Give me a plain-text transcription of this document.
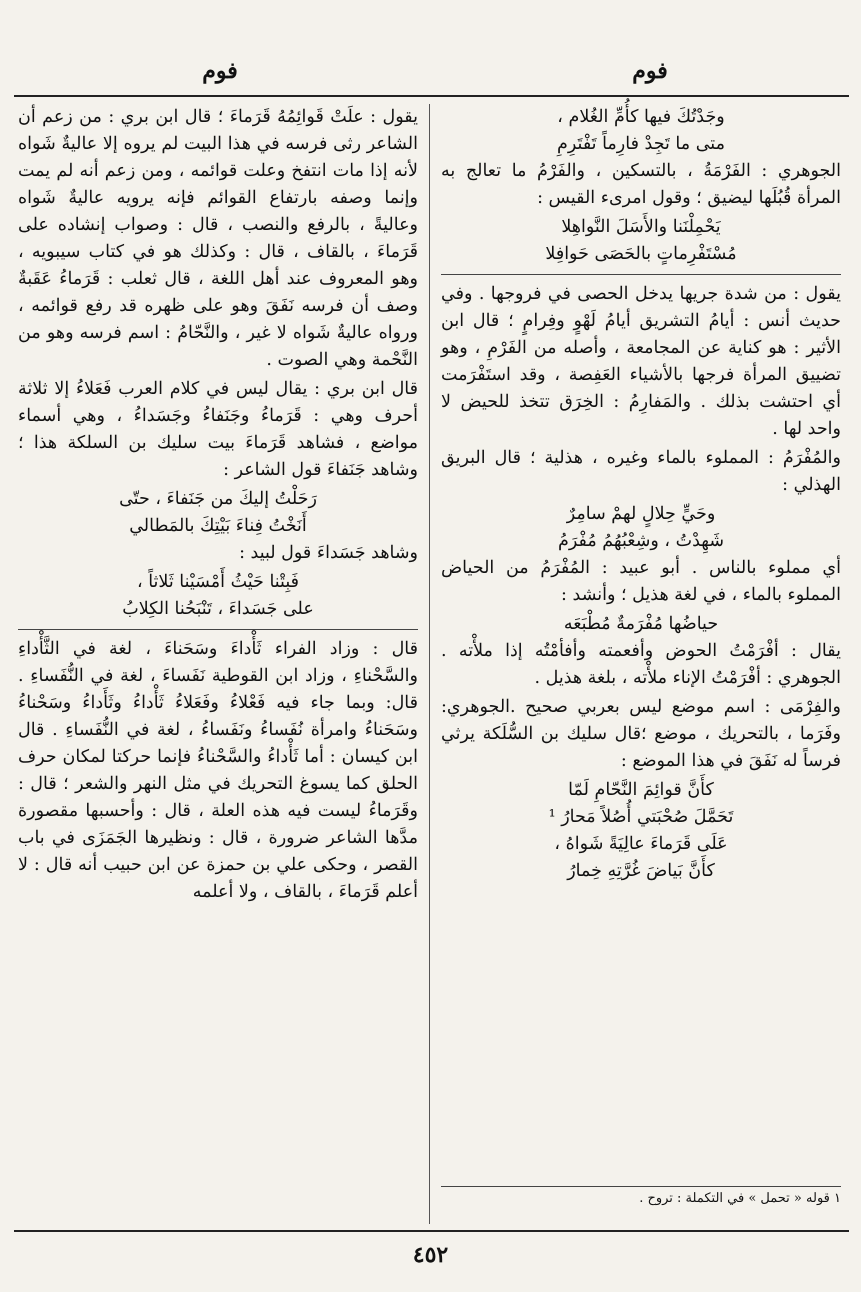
فوم
فوم

وجَدْتُكَ فيها كأُمِّ الغُلام ،

متى ما تَجِدْ فارِماً تَفْتَرِمِ

الجوهري : الفَرْمَةُ ، بالتسكين ، والفَرْمُ ما تعالج به المرأة قُبُلَها ليضيق ؛ وقول امرىء القيس :

يَحْمِلْنَنا والأَسَلَ النَّواهِلا

مُسْتَفْرِماتٍ بالحَصَى حَوافِلا

يقول : من شدة جريها يدخل الحصى في فروجها . وفي حديث أنس : أيامُ التشريق أيامُ لَهْوٍ وفِرامٍ ؛ قال ابن الأثير : هو كناية عن المجامعة ، وأصله من الفَرْمِ ، وهو تضييق المرأة فرجها بالأشياء العَفِصة ، وقد استَفْرَمت أي احتشت بذلك . والمَفارِمُ : الخِرَق تتخذ للحيض لا واحد لها .

والمُفْرَمُ : المملوء بالماء وغيره ، هذلية ؛ قال البريق الهذلي :

وحَيٍّ حِلالٍ لهمْ سامِرٌ

شَهِدْتُ ، وشِعْبُهُمُ مُفْرَمُ

أي مملوء بالناس . أبو عبيد : المُفْرَمُ من الحياض المملوء بالماء ، في لغة هذيل ؛ وأنشد :

حياضُها مُفْرَمةٌ مُطْبَعَه

يقال : أفْرَمْتُ الحوض وأفعمته وأفأمْتُه إذا ملأْته . الجوهري : أفْرَمْتُ الإناء ملأْته ، بلغة هذيل .

والفِرْمَى : اسم موضع ليس بعربي صحيح .الجوهري: وفَرَما ، بالتحريك ، موضع ؛قال سليك بن السُّلَكة يرثي فرساً له نَفَقَ في هذا الموضع :

كأَنَّ قوائِمَ النَّحّامِ لَمّا

تَحَمَّلَ صُحْبَتي أُصُلاً مَحارُ ¹

عَلَى قَرَماءَ عالِيَةً شَواهُ ،

كأَنَّ بَياضَ غُرَّتِهِ خِمارُ

يقول : علَتْ قَوائِمُهُ قَرَماءَ ؛ قال ابن بري : من زعم أن الشاعر رثى فرسه في هذا البيت لم يروه إلا عاليةٌ شَواه لأنه إذا مات انتفخ وعلت قوائمه ، ومن زعم أنه لم يمت وإنما وصفه بارتفاع القوائم فإنه يرويه عاليةٌ شَواه وعاليةً ، بالرفع والنصب ، قال : وصواب إنشاده على قَرَماءَ ، بالقاف ، قال : وكذلك هو في كتاب سيبويه ، وهو المعروف عند أهل اللغة ، قال ثعلب : قَرَماءُ عَقَبةٌ وصف أن فرسه نَفَقَ وهو على ظهره قد رفع قوائمه ، ورواه عاليةٌ شَواه لا غير ، والنَّحّامُ : اسم فرسه وهو من النَّحْمة وهي الصوت .

قال ابن بري : يقال ليس في كلام العرب فَعَلاءُ إلا ثلاثة أحرف وهي : قَرَماءُ وجَنَفاءُ وجَسَداءُ ، وهي أسماء مواضع ، فشاهد قَرَماءَ بيت سليك بن السلكة هذا ؛ وشاهد جَنَفاءَ قول الشاعر :

رَحَلْتُ إليكَ من جَنَفاءَ ، حتّى

أَنَخْتُ فِناءَ بَيْتِكَ بالمَطالي

وشاهد جَسَداءَ قول لبيد :

فَبِتْنا حَيْثُ أَمْسَيْنا ثَلاثاً ،

على جَسَداءَ ، تَنْبَحُنا الكِلابُ

قال : وزاد الفراء ثَأْداءَ وسَحَناءَ ، لغة في الثَّأْداءِ والسَّحْناءِ ، وزاد ابن القوطية نَفَساءَ ، لغة في النُّفَساءِ . قال: وبما جاء فيه فَعْلاءُ وفَعَلاءُ ثَأْداءُ وثَأَداءُ وسَحْناءُ وسَحَناءُ وامرأة نُفَساءُ ونَفَساءُ ، لغة في النُّفَساءِ . قال ابن كيسان : أما ثَأْداءُ والسَّحْناءُ فإنما حركتا لمكان حرف الحلق كما يسوغ التحريك في مثل النهر والشعر ؛ قال : وقَرَماءُ ليست فيه هذه العلة ، قال : وأحسبها مقصورة مدَّها الشاعر ضرورة ، قال : ونظيرها الجَمَزَى في باب القصر ، وحكى علي بن حمزة عن ابن حبيب أنه قال : لا أعلم قَرَماءَ ، بالقاف ، ولا أعلمه

١ قوله « تحمل » في التكملة : تروح .
٤٥٢
